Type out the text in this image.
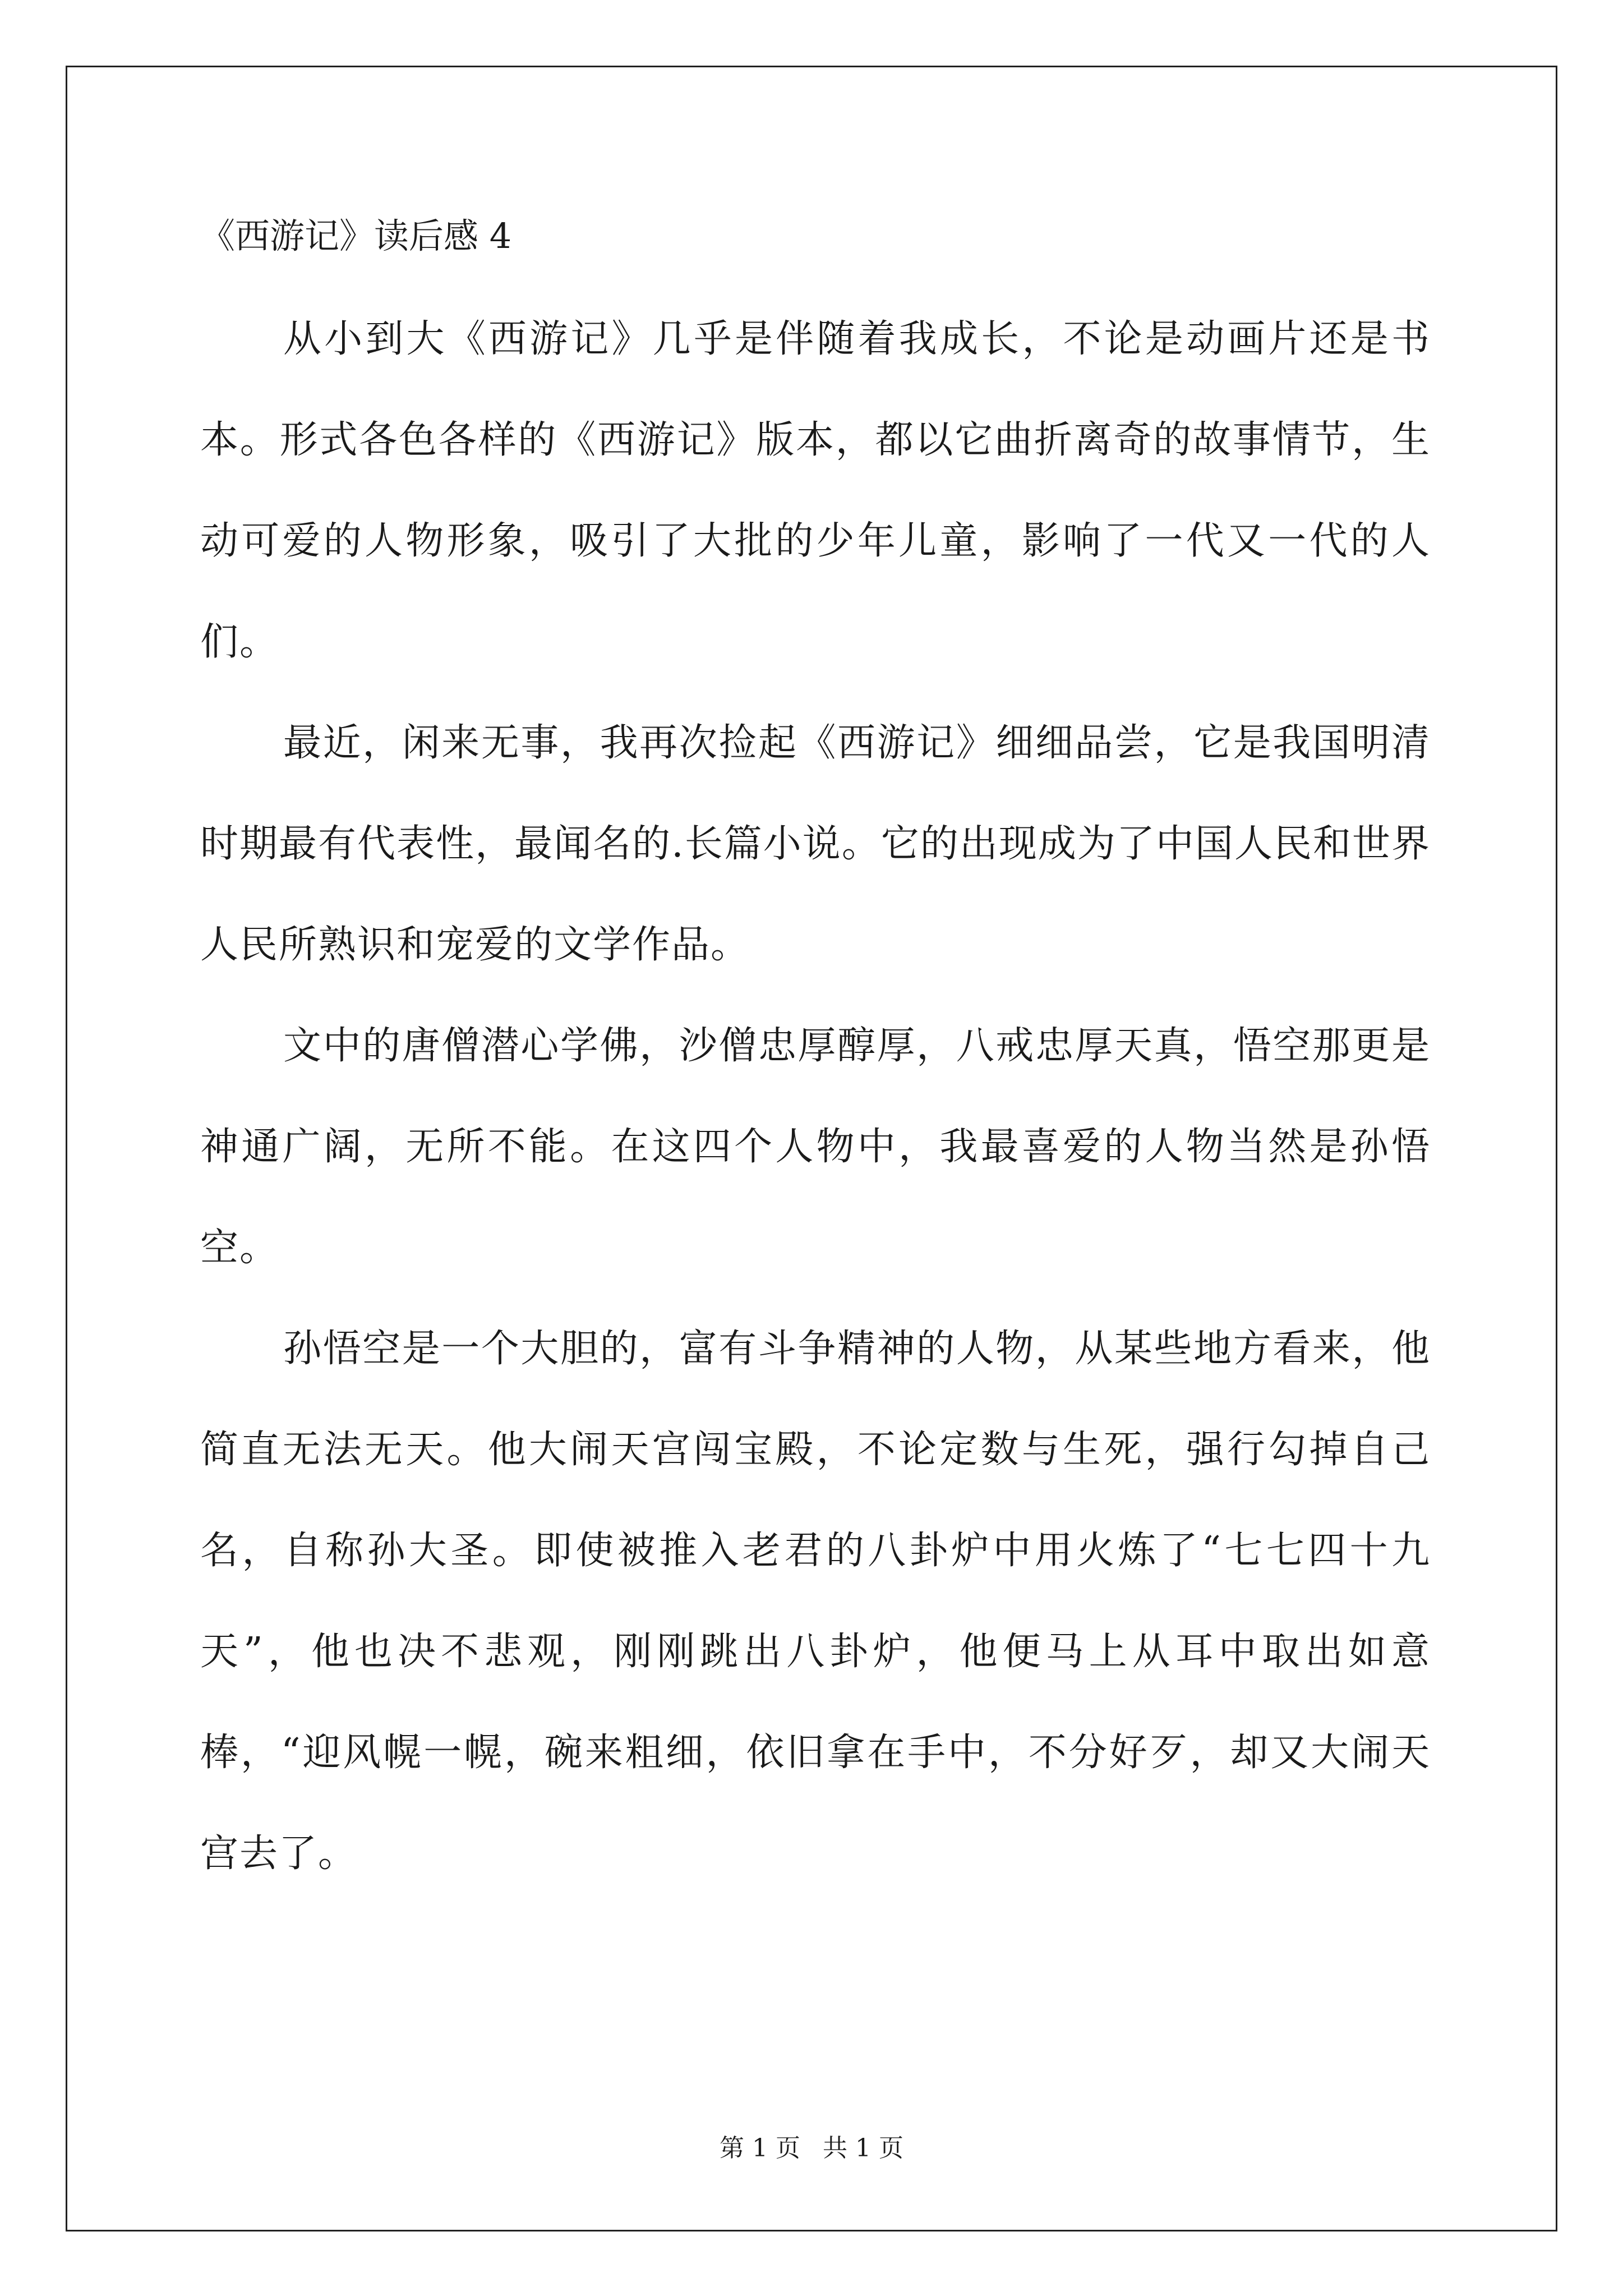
《西游记》读后感 4

从小到大《西游记》几乎是伴随着我成长，不论是动画片还是书本。形式各色各样的《西游记》版本，都以它曲折离奇的故事情节，生动可爱的人物形象，吸引了大批的少年儿童，影响了一代又一代的人们。

最近，闲来无事，我再次捡起《西游记》细细品尝，它是我国明清时期最有代表性，最闻名的.长篇小说。它的出现成为了中国人民和世界人民所熟识和宠爱的文学作品。

文中的唐僧潜心学佛，沙僧忠厚醇厚，八戒忠厚天真，悟空那更是神通广阔，无所不能。在这四个人物中，我最喜爱的人物当然是孙悟空。

孙悟空是一个大胆的，富有斗争精神的人物，从某些地方看来，他简直无法无天。他大闹天宫闯宝殿，不论定数与生死，强行勾掉自己名，自称孙大圣。即使被推入老君的八卦炉中用火炼了“七七四十九天”，他也决不悲观，刚刚跳出八卦炉，他便马上从耳中取出如意棒，“迎风幌一幌，碗来粗细，依旧拿在手中，不分好歹，却又大闹天宫去了。

第 1 页 共 1 页
